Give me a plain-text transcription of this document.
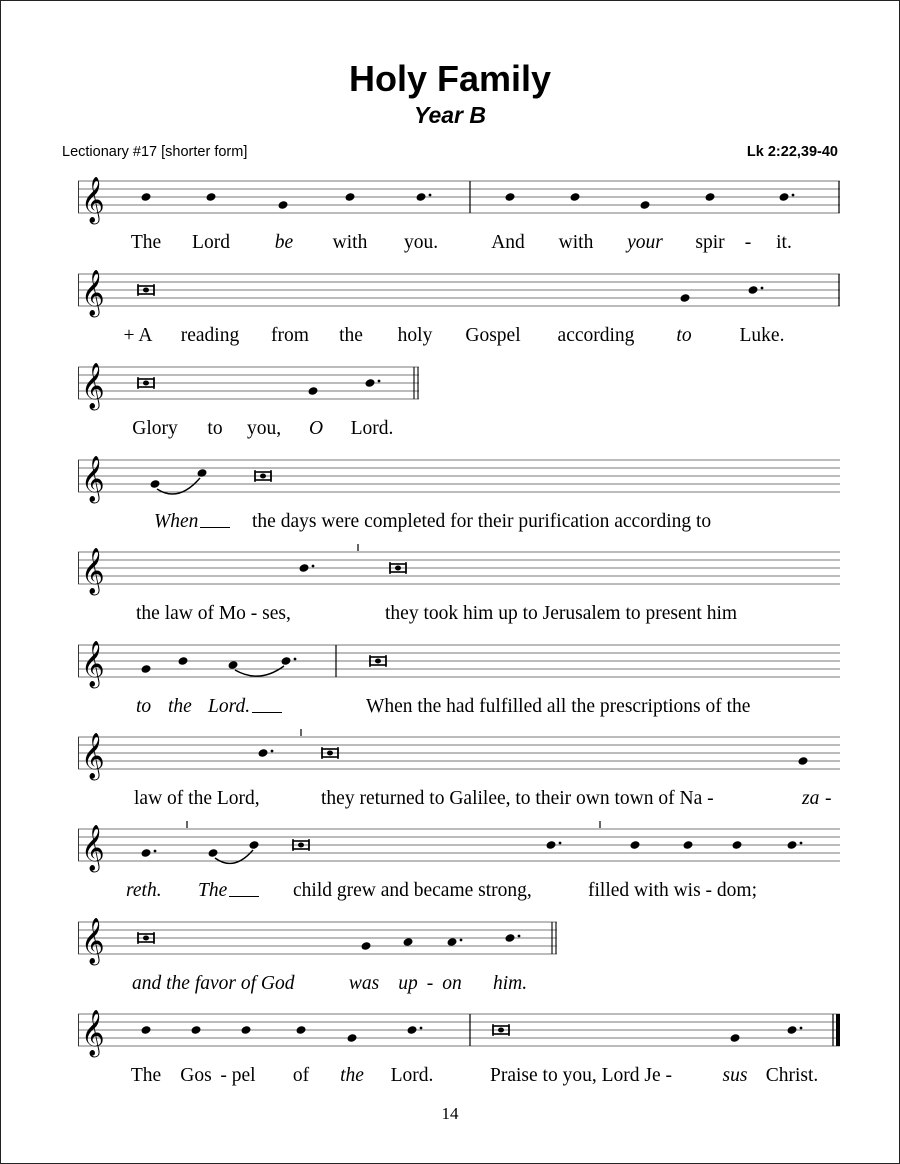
Holy Family
Year B
Lectionary #17 [shorter form]	Lk 2:22,39-40
𝄞
The Lord be with you.	And with your spir - it.
𝄞
+ A reading from the holy Gospel according to Luke.
𝄞
Glory to you, O Lord.
𝄞
When	the days were completed for their purification according to
𝄞
the law of Mo - ses,	they took him up to Jerusalem to present him
𝄞
to the Lord.	When the had fulfilled all the prescriptions of the
𝄞
law of the Lord,	they returned to Galilee, to their own town of Na -	za -
𝄞
reth. The	child grew and became strong,	filled with wis - dom;
𝄞
and the favor of God	was up - on him.
𝄞
The Gos - pel of the Lord.	Praise to you, Lord Je -	sus Christ.
14
